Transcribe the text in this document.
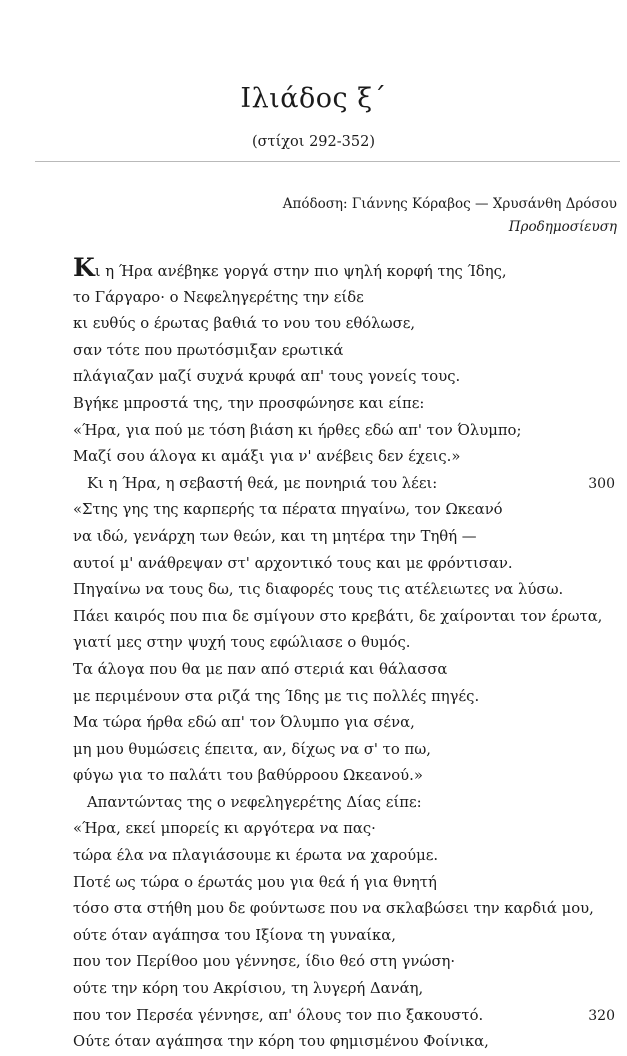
Ιλιάδος ξ΄
(στίχοι 292-352)
Απόδοση: Γιάννης Κόραβος — Χρυσάνθη Δρόσου
Προδημοσίευση
Κι η Ήρα ανέβηκε γοργά στην πιο ψηλή κορφή της Ίδης,
το Γάργαρο· ο Νεφεληγερέτης την είδε
κι ευθύς ο έρωτας βαθιά το νου του εθόλωσε,
σαν τότε που πρωτόσμιξαν ερωτικά
πλάγιαζαν μαζί συχνά κρυφά απ' τους γονείς τους.
Βγήκε μπροστά της, την προσφώνησε και είπε:
«Ήρα, για πού με τόση βιάση κι ήρθες εδώ απ' τον Όλυμπο;
Μαζί σου άλογα κι αμάξι για ν' ανέβεις δεν έχεις.»
Κι η Ήρα, η σεβαστή θεά, με πονηριά του λέει:	300
«Στης γης της καρπερής τα πέρατα πηγαίνω, τον Ωκεανό
να ιδώ, γενάρχη των θεών, και τη μητέρα την Τηθή —
αυτοί μ' ανάθρεψαν στ' αρχοντικό τους και με φρόντισαν.
Πηγαίνω να τους δω, τις διαφορές τους τις ατέλειωτες να λύσω.
Πάει καιρός που πια δε σμίγουν στο κρεβάτι, δε χαίρονται τον έρωτα,
γιατί μες στην ψυχή τους εφώλιασε ο θυμός.
Τα άλογα που θα με παν από στεριά και θάλασσα
με περιμένουν στα ριζά της Ίδης με τις πολλές πηγές.
Μα τώρα ήρθα εδώ απ' τον Όλυμπο για σένα,
μη μου θυμώσεις έπειτα, αν, δίχως να σ' το πω,
φύγω για το παλάτι του βαθύρροου Ωκεανού.»
Απαντώντας της ο νεφεληγερέτης Δίας είπε:
«Ήρα, εκεί μπορείς κι αργότερα να πας·
τώρα έλα να πλαγιάσουμε κι έρωτα να χαρούμε.
Ποτέ ως τώρα ο έρωτάς μου για θεά ή για θνητή
τόσο στα στήθη μου δε φούντωσε που να σκλαβώσει την καρδιά μου,
ούτε όταν αγάπησα του Ιξίονα τη γυναίκα,
που τον Περίθοο μου γέννησε, ίδιο θεό στη γνώση·
ούτε την κόρη του Ακρίσιου, τη λυγερή Δανάη,
που τον Περσέα γέννησε, απ' όλους τον πιο ξακουστό.	320
Ούτε όταν αγάπησα την κόρη του φημισμένου Φοίνικα,
